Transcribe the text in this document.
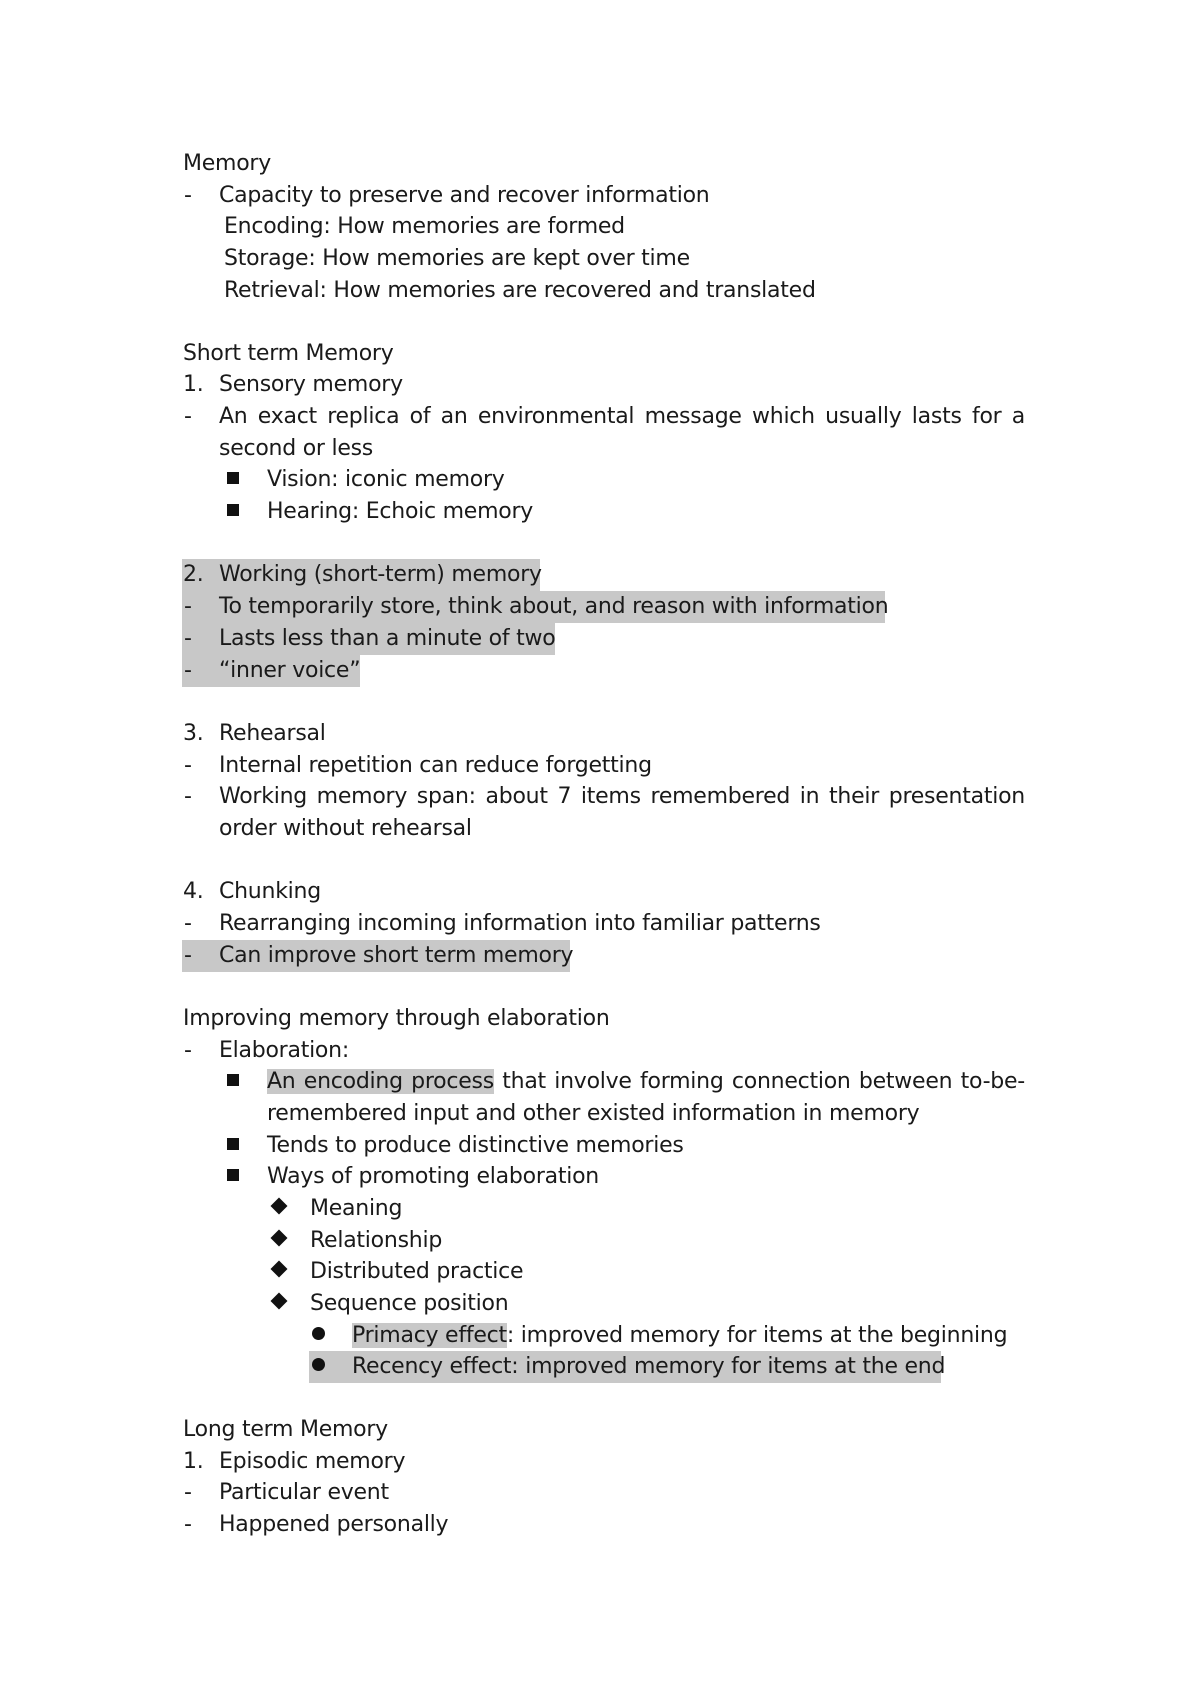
Memory
- Capacity to preserve and recover information
Encoding: How memories are formed
Storage: How memories are kept over time
Retrieval: How memories are recovered and translated
Short term Memory
1. Sensory memory
- An exact replica of an environmental message which usually lasts for a
second or less
Vision: iconic memory
Hearing: Echoic memory
2. Working (short-term) memory
- To temporarily store, think about, and reason with information
- Lasts less than a minute of two
- “inner voice”
3. Rehearsal
- Internal repetition can reduce forgetting
- Working memory span: about 7 items remembered in their presentation
order without rehearsal
4. Chunking
- Rearranging incoming information into familiar patterns
- Can improve short term memory
Improving memory through elaboration
- Elaboration:
An encoding process that involve forming connection between to-be-
remembered input and other existed information in memory
Tends to produce distinctive memories
Ways of promoting elaboration
Meaning
Relationship
Distributed practice
Sequence position
Primacy effect: improved memory for items at the beginning
Recency effect: improved memory for items at the end
Long term Memory
1. Episodic memory
- Particular event
- Happened personally
